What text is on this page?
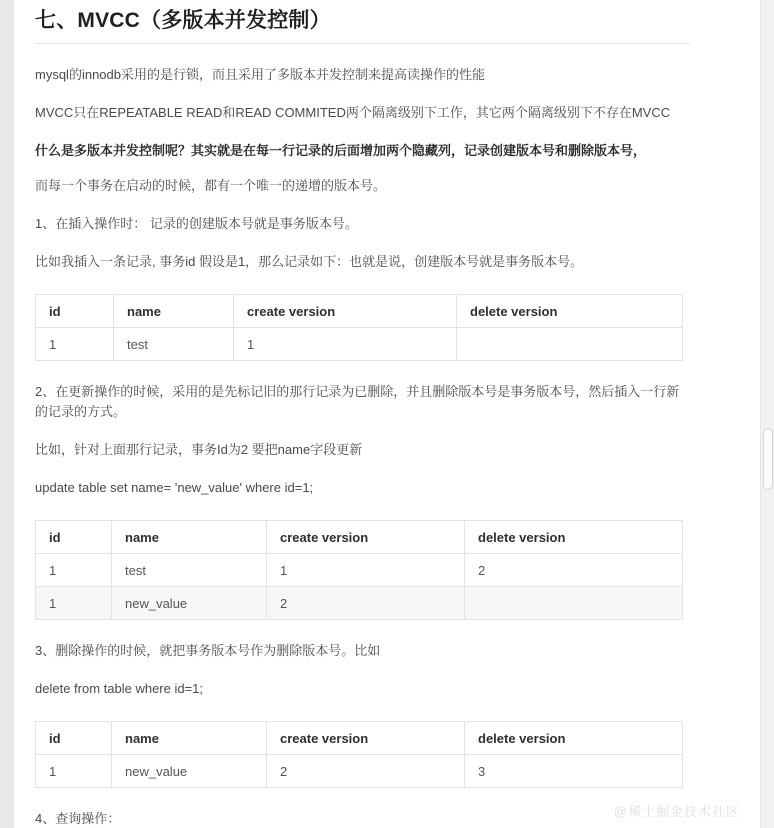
七、MVCC（多版本并发控制）

mysql的innodb采用的是行锁，而且采用了多版本并发控制来提高读操作的性能

MVCC只在REPEATABLE READ和READ COMMITED两个隔离级别下工作，其它两个隔离级别下不存在MVCC

什么是多版本并发控制呢？其实就是在每一行记录的后面增加两个隐藏列，记录创建版本号和删除版本号，

而每一个事务在启动的时候，都有一个唯一的递增的版本号。

1、在插入操作时： 记录的创建版本号就是事务版本号。

比如我插入一条记录, 事务id 假设是1，那么记录如下：也就是说，创建版本号就是事务版本号。

id	name	create version	delete version
1	test	1	

2、在更新操作的时候，采用的是先标记旧的那行记录为已删除，并且删除版本号是事务版本号，然后插入一行新的记录的方式。

比如，针对上面那行记录，事务Id为2 要把name字段更新

update table set name= 'new_value' where id=1;

id	name	create version	delete version
1	test	1	2
1	new_value	2	

3、删除操作的时候，就把事务版本号作为删除版本号。比如

delete from table where id=1;

id	name	create version	delete version
1	new_value	2	3

4、查询操作：	@稀土掘金技术社区
